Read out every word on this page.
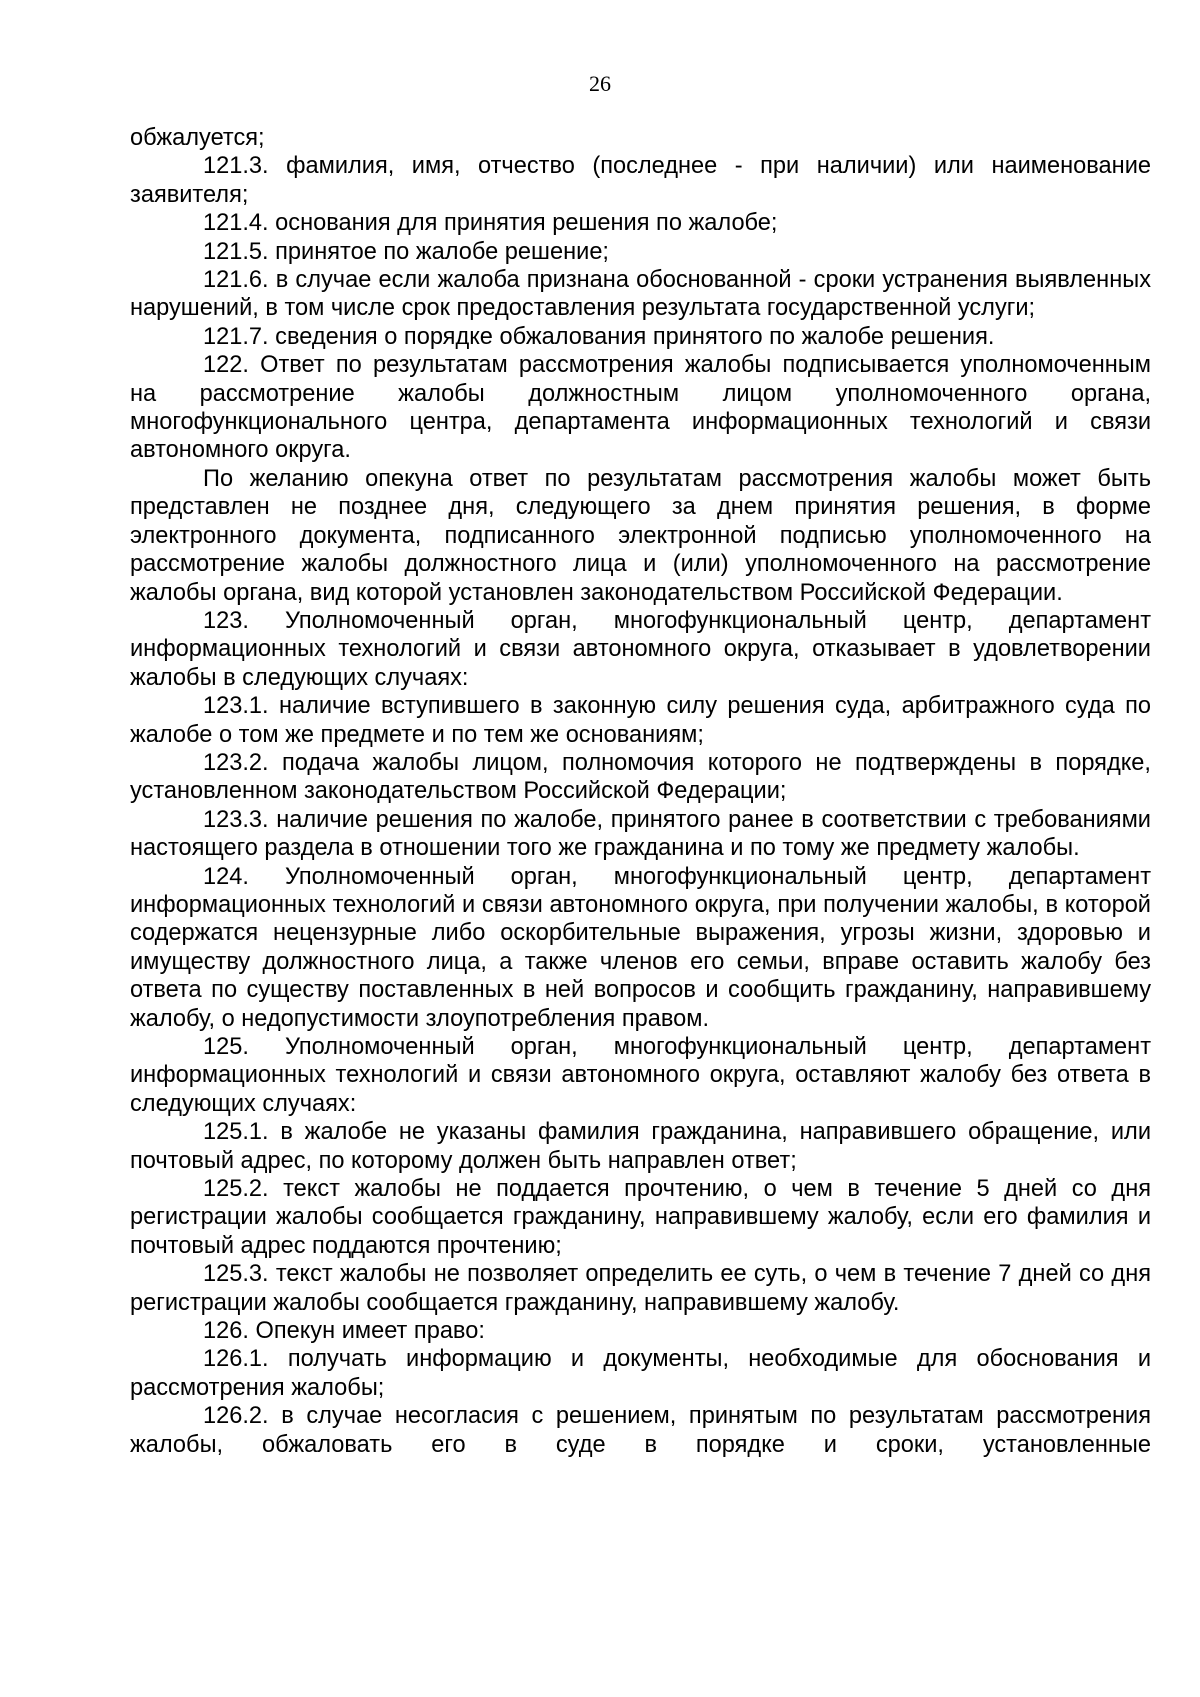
26

обжалуется;

121.3. фамилия, имя, отчество (последнее - при наличии) или наименование заявителя;

121.4. основания для принятия решения по жалобе;

121.5. принятое по жалобе решение;

121.6. в случае если жалоба признана обоснованной - сроки устранения выявленных нарушений, в том числе срок предоставления результата государственной услуги;

121.7. сведения о порядке обжалования принятого по жалобе решения.

122. Ответ по результатам рассмотрения жалобы подписывается уполномоченным на рассмотрение жалобы должностным лицом уполномоченного органа, многофункционального центра, департамента информационных технологий и связи автономного округа.

По желанию опекуна ответ по результатам рассмотрения жалобы может быть представлен не позднее дня, следующего за днем принятия решения, в форме электронного документа, подписанного электронной подписью уполномоченного на рассмотрение жалобы должностного лица и (или) уполномоченного на рассмотрение жалобы органа, вид которой установлен законодательством Российской Федерации.

123. Уполномоченный орган, многофункциональный центр, департамент информационных технологий и связи автономного округа, отказывает в удовлетворении жалобы в следующих случаях:

123.1. наличие вступившего в законную силу решения суда, арбитражного суда по жалобе о том же предмете и по тем же основаниям;

123.2. подача жалобы лицом, полномочия которого не подтверждены в порядке, установленном законодательством Российской Федерации;

123.3. наличие решения по жалобе, принятого ранее в соответствии с требованиями настоящего раздела в отношении того же гражданина и по тому же предмету жалобы.

124. Уполномоченный орган, многофункциональный центр, департамент информационных технологий и связи автономного округа, при получении жалобы, в которой содержатся нецензурные либо оскорбительные выражения, угрозы жизни, здоровью и имуществу должностного лица, а также членов его семьи, вправе оставить жалобу без ответа по существу поставленных в ней вопросов и сообщить гражданину, направившему жалобу, о недопустимости злоупотребления правом.

125. Уполномоченный орган, многофункциональный центр, департамент информационных технологий и связи автономного округа, оставляют жалобу без ответа в следующих случаях:

125.1. в жалобе не указаны фамилия гражданина, направившего обращение, или почтовый адрес, по которому должен быть направлен ответ;

125.2. текст жалобы не поддается прочтению, о чем в течение 5 дней со дня регистрации жалобы сообщается гражданину, направившему жалобу, если его фамилия и почтовый адрес поддаются прочтению;

125.3. текст жалобы не позволяет определить ее суть, о чем в течение 7 дней со дня регистрации жалобы сообщается гражданину, направившему жалобу.

126. Опекун имеет право:

126.1. получать информацию и документы, необходимые для обоснования и рассмотрения жалобы;

126.2. в случае несогласия с решением, принятым по результатам рассмотрения жалобы, обжаловать его в суде в порядке и сроки, установленные
